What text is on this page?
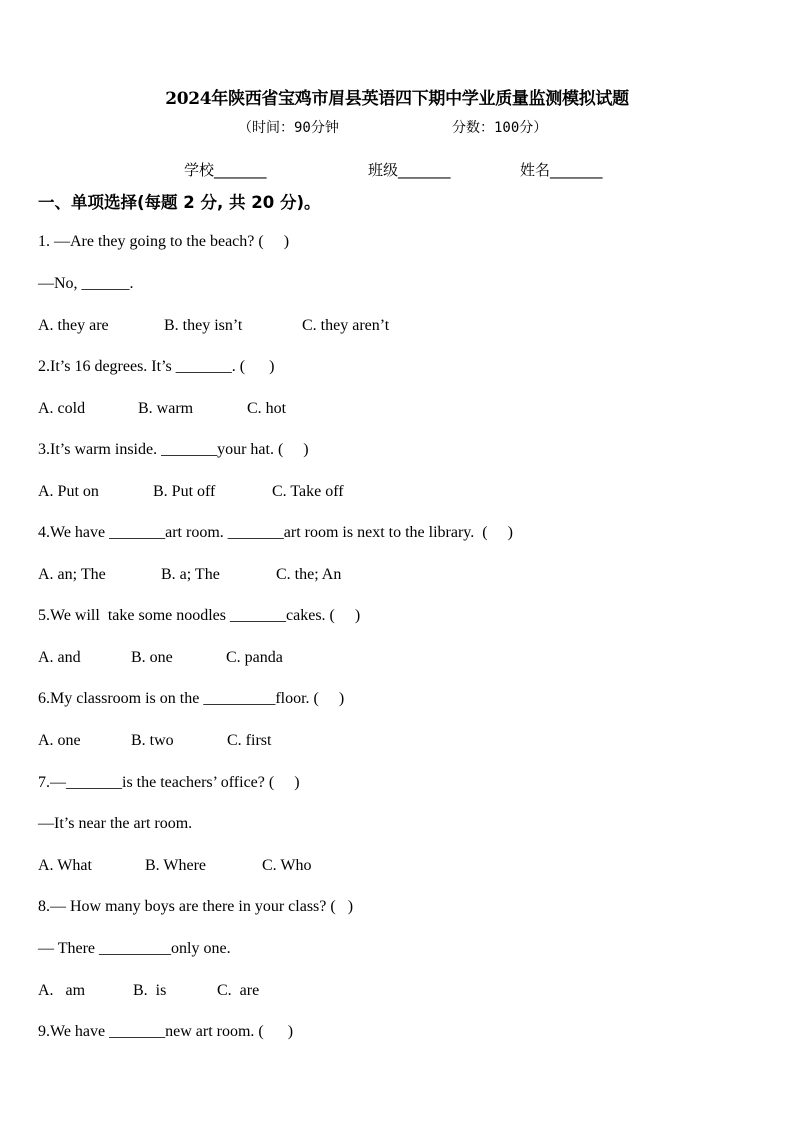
2024年陕西省宝鸡市眉县英语四下期中学业质量监测模拟试题
（时间：90分钟	分数：100分）
学校_______	班级_______	姓名_______
一、单项选择(每题 2 分, 共 20 分)。
1. —Are they going to the beach? (     )
—No, ______.
A. they are	B. they isn’t	C. they aren’t
2.It’s 16 degrees. It’s _______. (      )
A. cold	B. warm	C. hot
3.It’s warm inside. _______your hat. (     )
A. Put on	B. Put off	C. Take off
4.We have _______art room. _______art room is next to the library.  (     )
A. an; The	B. a; The	C. the; An
5.We will  take some noodles _______cakes. (     )
A. and	B. one	C. panda
6.My classroom is on the _________floor. (     )
A. one	B. two	C. first
7.—_______is the teachers’ office? (     )
—It’s near the art room.
A. What	B. Where	C. Who
8.— How many boys are there in your class? (   )
— There _________only one.
A.   am	B.  is	C.  are
9.We have _______new art room. (      )
